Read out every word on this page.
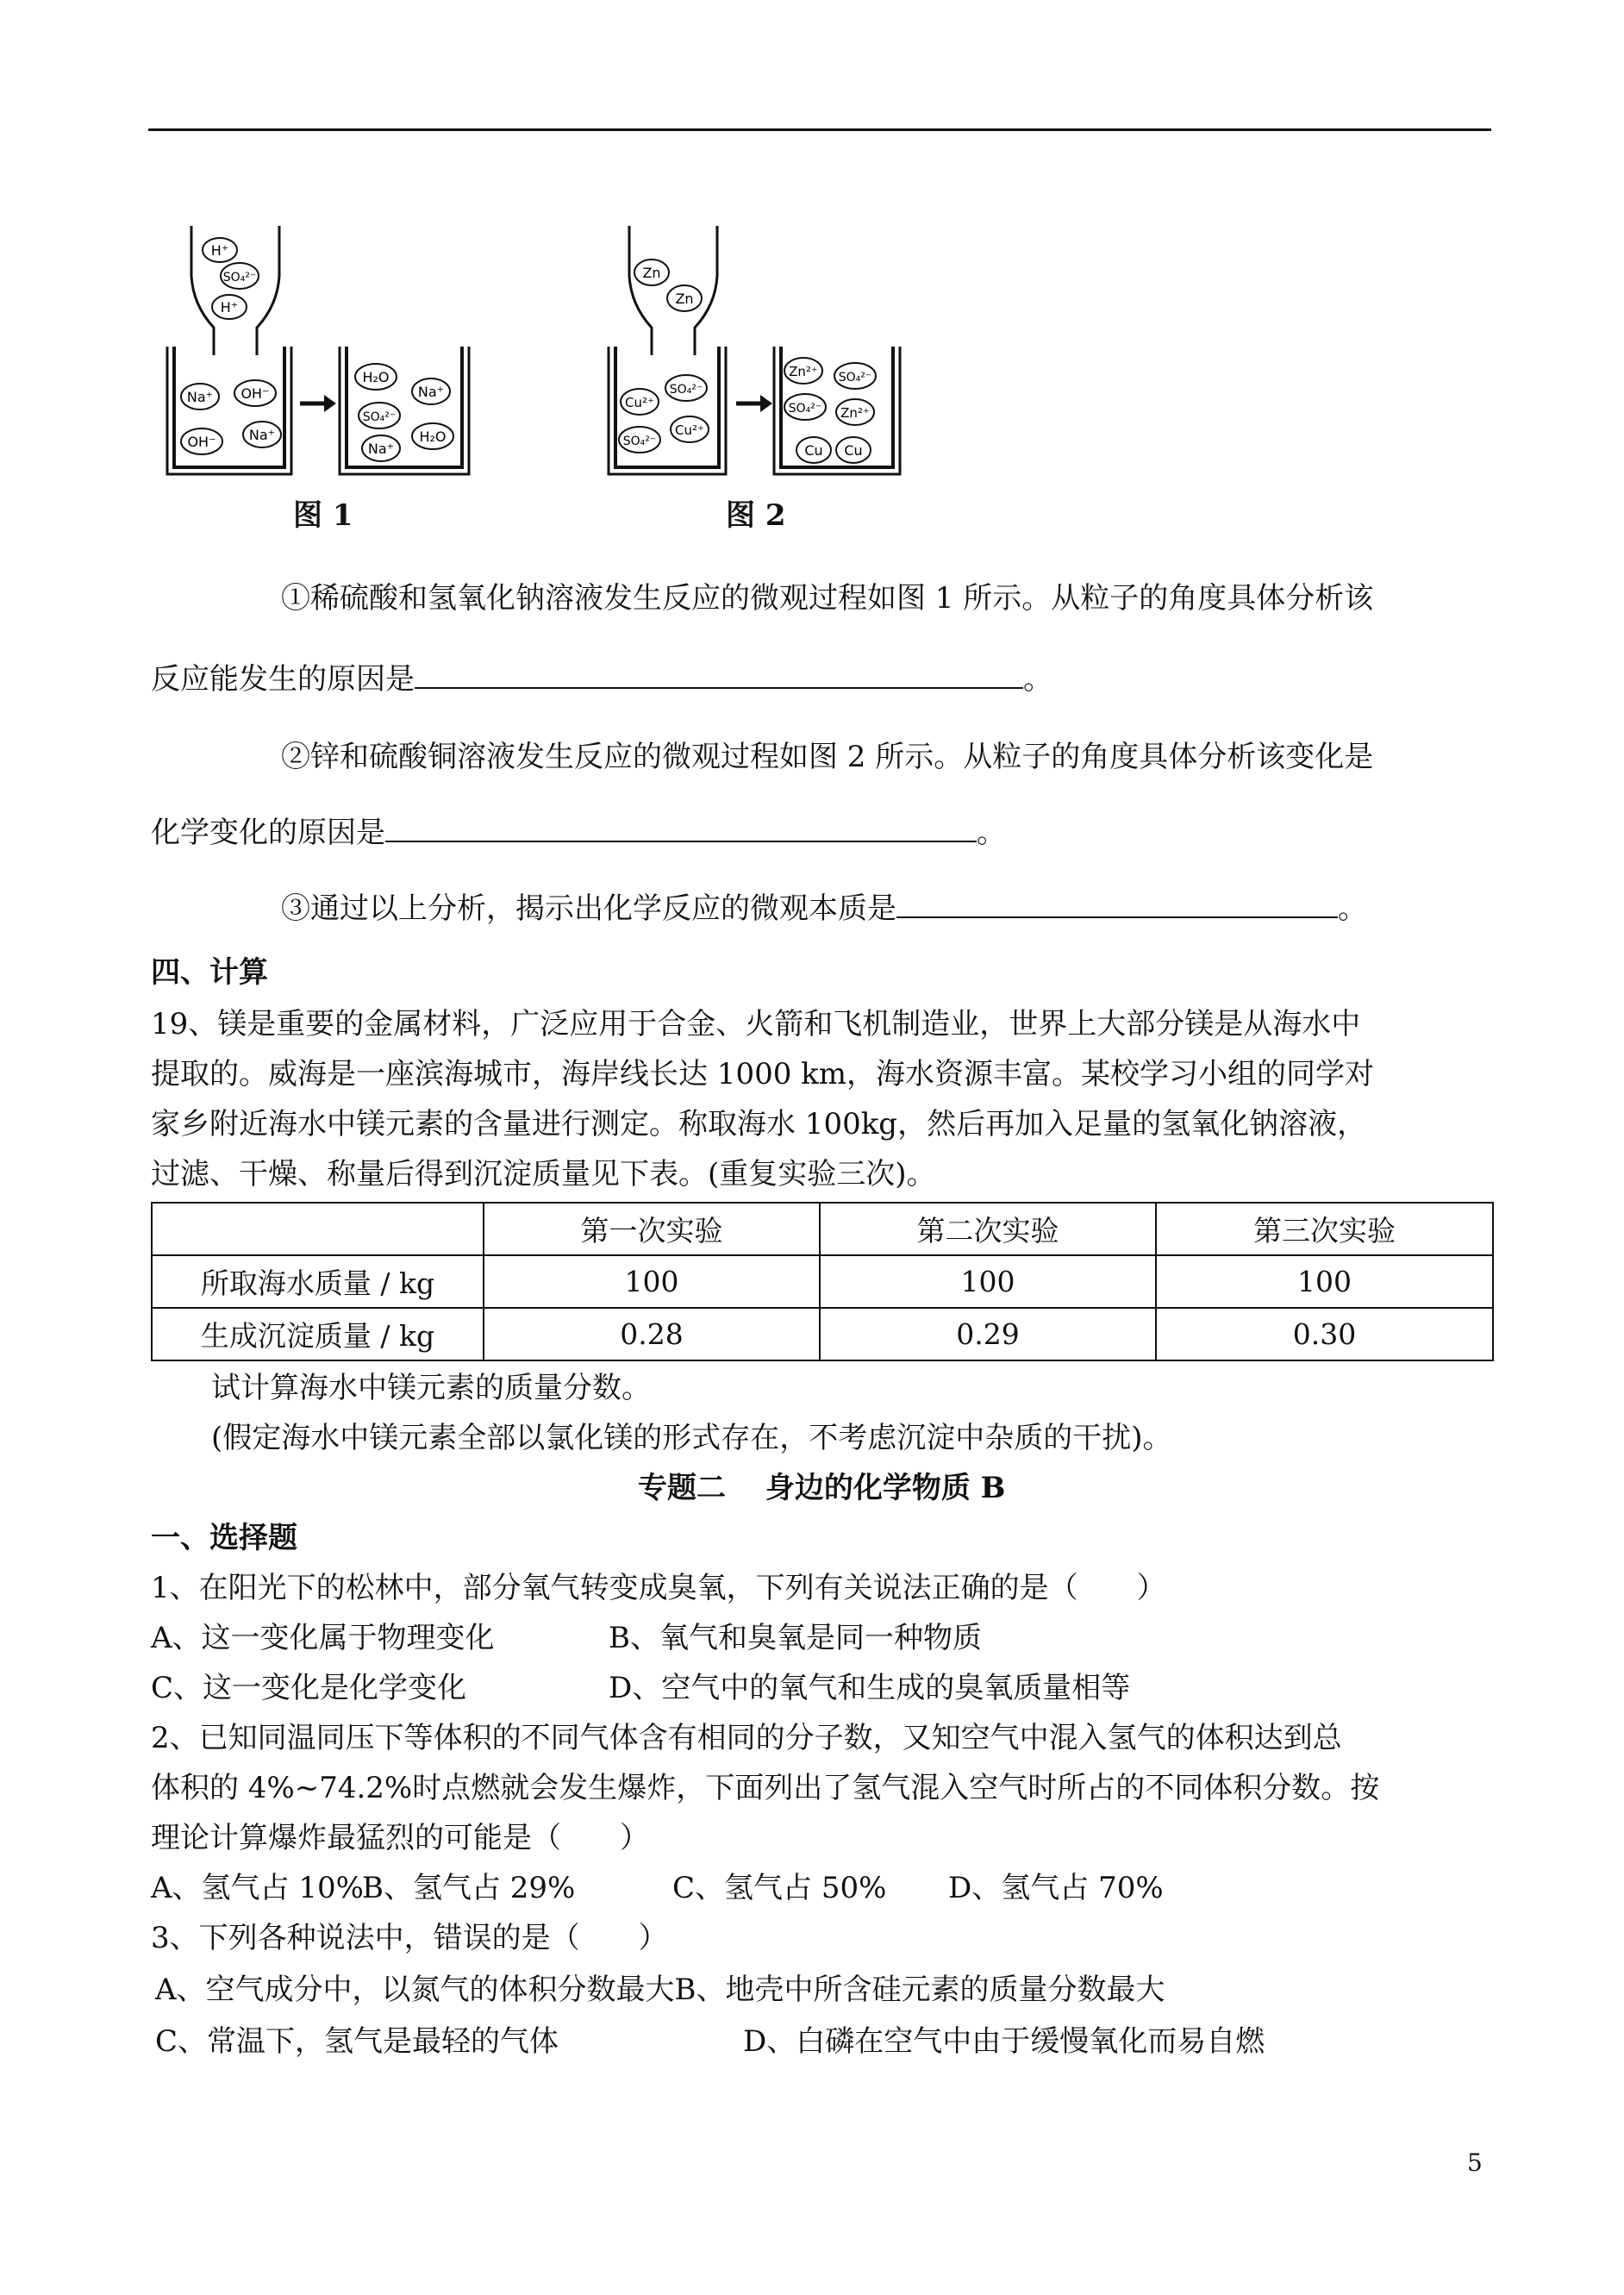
H⁺
SO₄²⁻
H⁺
Na⁺ OH⁻
OH⁻ Na⁺
H₂O
Na⁺
SO₄²⁻
Na⁺
H₂O
图 1
Zn
Zn
Cu²⁺
SO₄²⁻
SO₄²⁻
Cu²⁺
Zn²⁺ SO₄²⁻
SO₄²⁻ Zn²⁺
Cu Cu
图 2
①稀硫酸和氢氧化钠溶液发生反应的微观过程如图 1 所示。从粒子的角度具体分析该
反应能发生的原因是	。
②锌和硫酸铜溶液发生反应的微观过程如图 2 所示。从粒子的角度具体分析该变化是
化学变化的原因是	。
③通过以上分析，揭示出化学反应的微观本质是	。
四、计算
19、镁是重要的金属材料，广泛应用于合金、火箭和飞机制造业，世界上大部分镁是从海水中
提取的。威海是一座滨海城市，海岸线长达 1000 km，海水资源丰富。某校学习小组的同学对
家乡附近海水中镁元素的含量进行测定。称取海水 100kg，然后再加入足量的氢氧化钠溶液，
过滤、干燥、称量后得到沉淀质量见下表。(重复实验三次)。
	第一次实验	第二次实验	第三次实验
所取海水质量 / kg	100	100	100
生成沉淀质量 / kg	0.28	0.29	0.30
试计算海水中镁元素的质量分数。
(假定海水中镁元素全部以氯化镁的形式存在，不考虑沉淀中杂质的干扰)。
专题二　 身边的化学物质 B
一、选择题
1、在阳光下的松林中，部分氧气转变成臭氧，下列有关说法正确的是（　　）
A、这一变化属于物理变化	B、氧气和臭氧是同一种物质
C、这一变化是化学变化	D、空气中的氧气和生成的臭氧质量相等
2、已知同温同压下等体积的不同气体含有相同的分子数，又知空气中混入氢气的体积达到总
体积的 4%~74.2%时点燃就会发生爆炸，下面列出了氢气混入空气时所占的不同体积分数。按
理论计算爆炸最猛烈的可能是（　　）
A、氢气占 10%
B、氢气占 29%	C、氢气占 50% D、氢气占 70%
3、下列各种说法中，错误的是（　　）
A、空气成分中，以氮气的体积分数最大B、地壳中所含硅元素的质量分数最大
C、常温下，氢气是最轻的气体	D、白磷在空气中由于缓慢氧化而易自燃
5
